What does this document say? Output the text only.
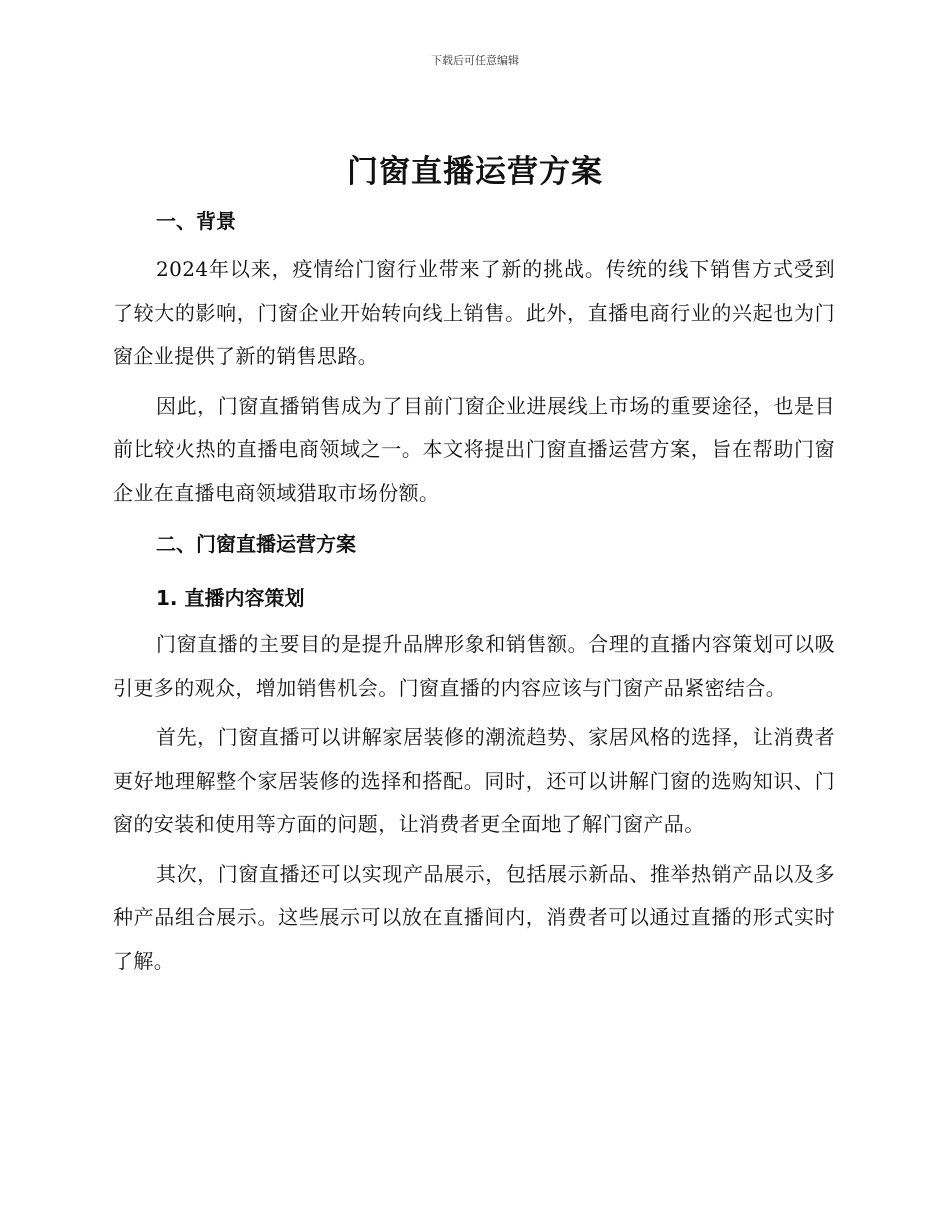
下载后可任意编辑
门窗直播运营方案
一、背景

2024年以来，疫情给门窗行业带来了新的挑战。传统的线下销售方式受到了较大的影响，门窗企业开始转向线上销售。此外，直播电商行业的兴起也为门窗企业提供了新的销售思路。

因此，门窗直播销售成为了目前门窗企业进展线上市场的重要途径，也是目前比较火热的直播电商领域之一。本文将提出门窗直播运营方案，旨在帮助门窗企业在直播电商领域猎取市场份额。

二、门窗直播运营方案
1. 直播内容策划

门窗直播的主要目的是提升品牌形象和销售额。合理的直播内容策划可以吸引更多的观众，增加销售机会。门窗直播的内容应该与门窗产品紧密结合。

首先，门窗直播可以讲解家居装修的潮流趋势、家居风格的选择，让消费者更好地理解整个家居装修的选择和搭配。同时，还可以讲解门窗的选购知识、门窗的安装和使用等方面的问题，让消费者更全面地了解门窗产品。

其次，门窗直播还可以实现产品展示，包括展示新品、推举热销产品以及多种产品组合展示。这些展示可以放在直播间内，消费者可以通过直播的形式实时了解。
